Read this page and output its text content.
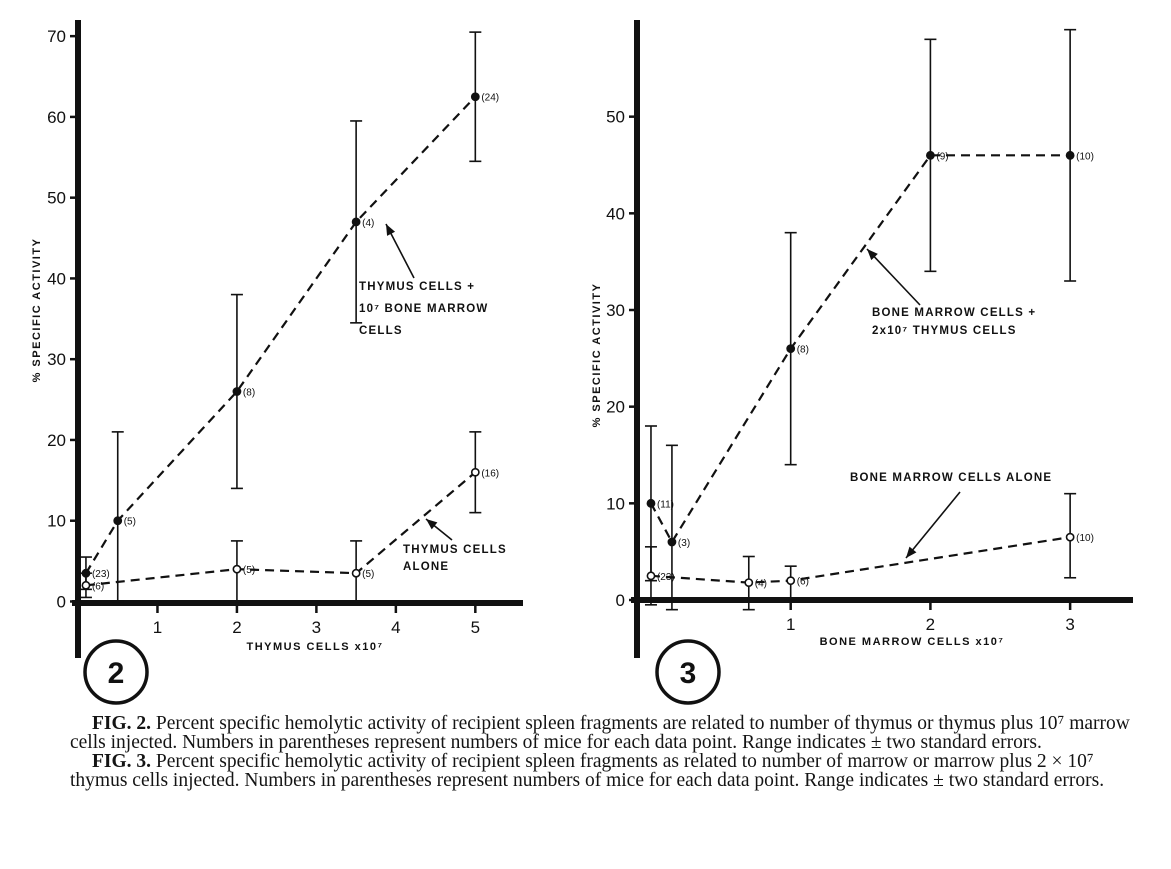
0
10
20
30
40
50
60
70
1	2	3	4	5
THYMUS CELLS x10⁷
% SPECIFIC ACTIVITY
(23)
(5)
(8)
(4)
(24)
(6)
(5)	(5)
(16)
THYMUS CELLS +
10⁷ BONE MARROW
CELLS
THYMUS CELLS
ALONE
2
0
10
20
30
40
50
1	2	3
BONE MARROW CELLS x10⁷
% SPECIFIC ACTIVITY
(11)
(3)
(8)
(9)	(10)
(23)
(4)	(6)
(10)
BONE MARROW CELLS +
2x10⁷ THYMUS CELLS
BONE MARROW CELLS ALONE
3

FIG. 2. Percent specific hemolytic activity of recipient spleen fragments are related to number of thymus or thymus plus 10⁷ marrow cells injected. Numbers in parentheses represent numbers of mice for each data point. Range indicates ± two standard errors.

FIG. 3. Percent specific hemolytic activity of recipient spleen fragments as related to number of marrow or marrow plus 2 × 10⁷ thymus cells injected. Numbers in parentheses represent numbers of mice for each data point. Range indicates ± two standard errors.
